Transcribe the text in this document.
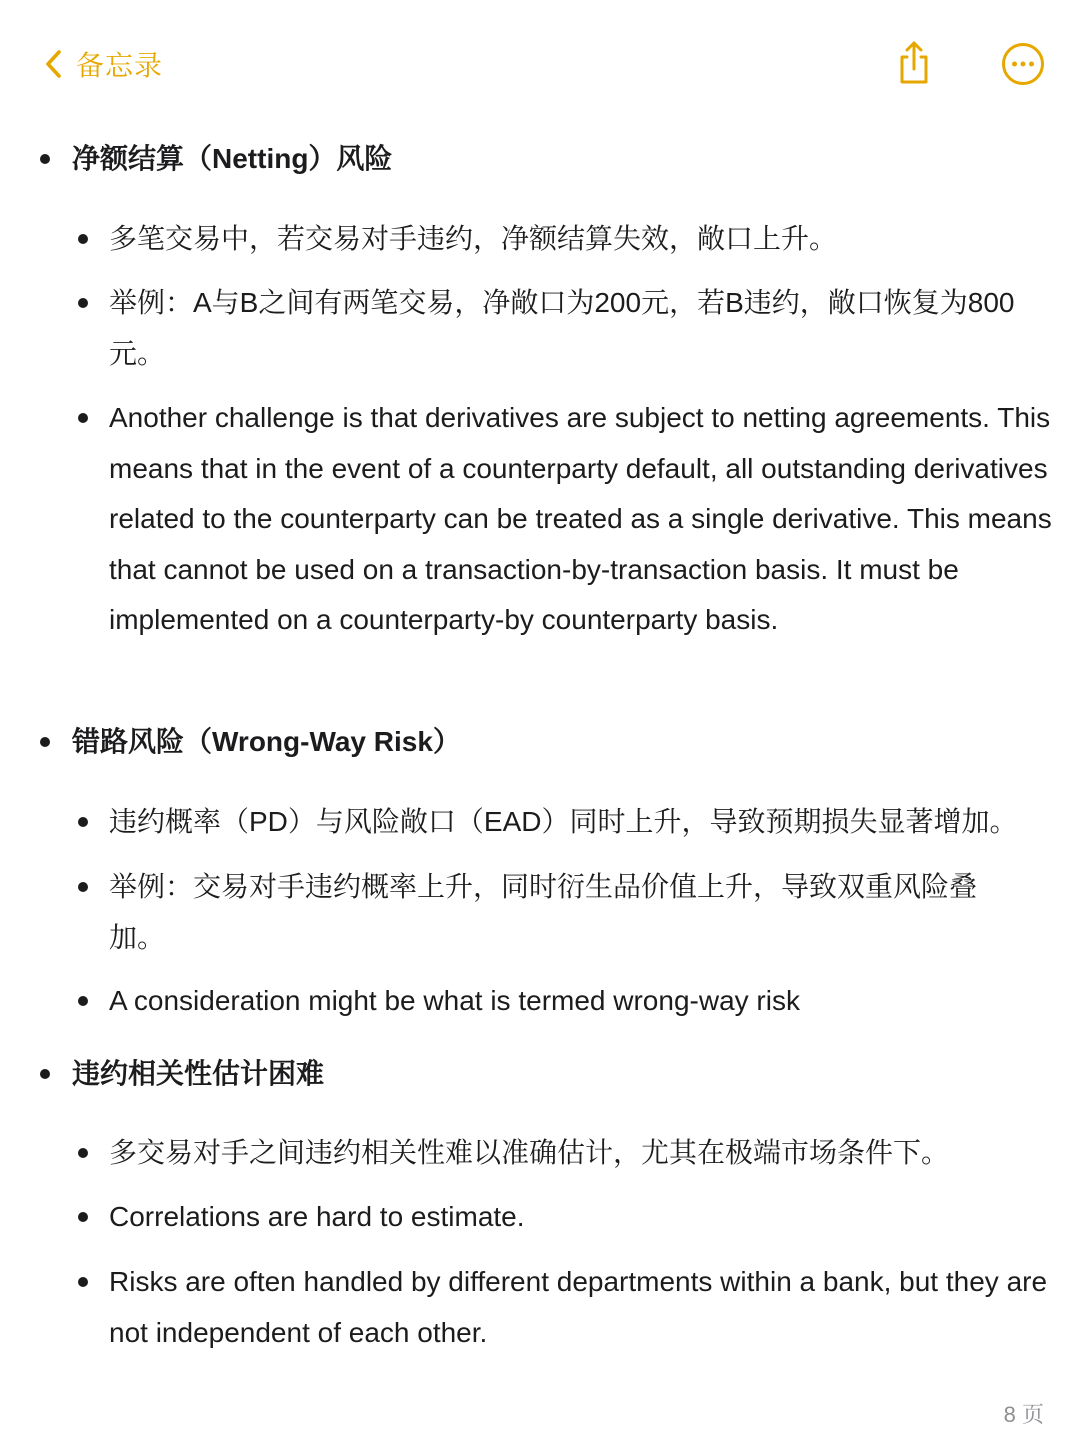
备忘录
净额结算（Netting）风险
多笔交易中，若交易对手违约，净额结算失效，敞口上升。
举例：A与B之间有两笔交易，净敞口为200元，若B违约，敞口恢复为800元。
Another challenge is that derivatives are subject to netting agreements. This means that in the event of a counterparty default, all outstanding derivatives related to the counterparty can be treated as a single derivative. This means that cannot be used on a transaction-by-transaction basis. It must be implemented on a counterparty-by counterparty basis.
错路风险（Wrong-Way Risk）
违约概率（PD）与风险敞口（EAD）同时上升，导致预期损失显著增加。
举例：交易对手违约概率上升，同时衍生品价值上升，导致双重风险叠加。
A consideration might be what is termed wrong-way risk
违约相关性估计困难
多交易对手之间违约相关性难以准确估计，尤其在极端市场条件下。
Correlations are hard to estimate.
Risks are often handled by different departments within a bank, but they are not independent of each other.
8 页
